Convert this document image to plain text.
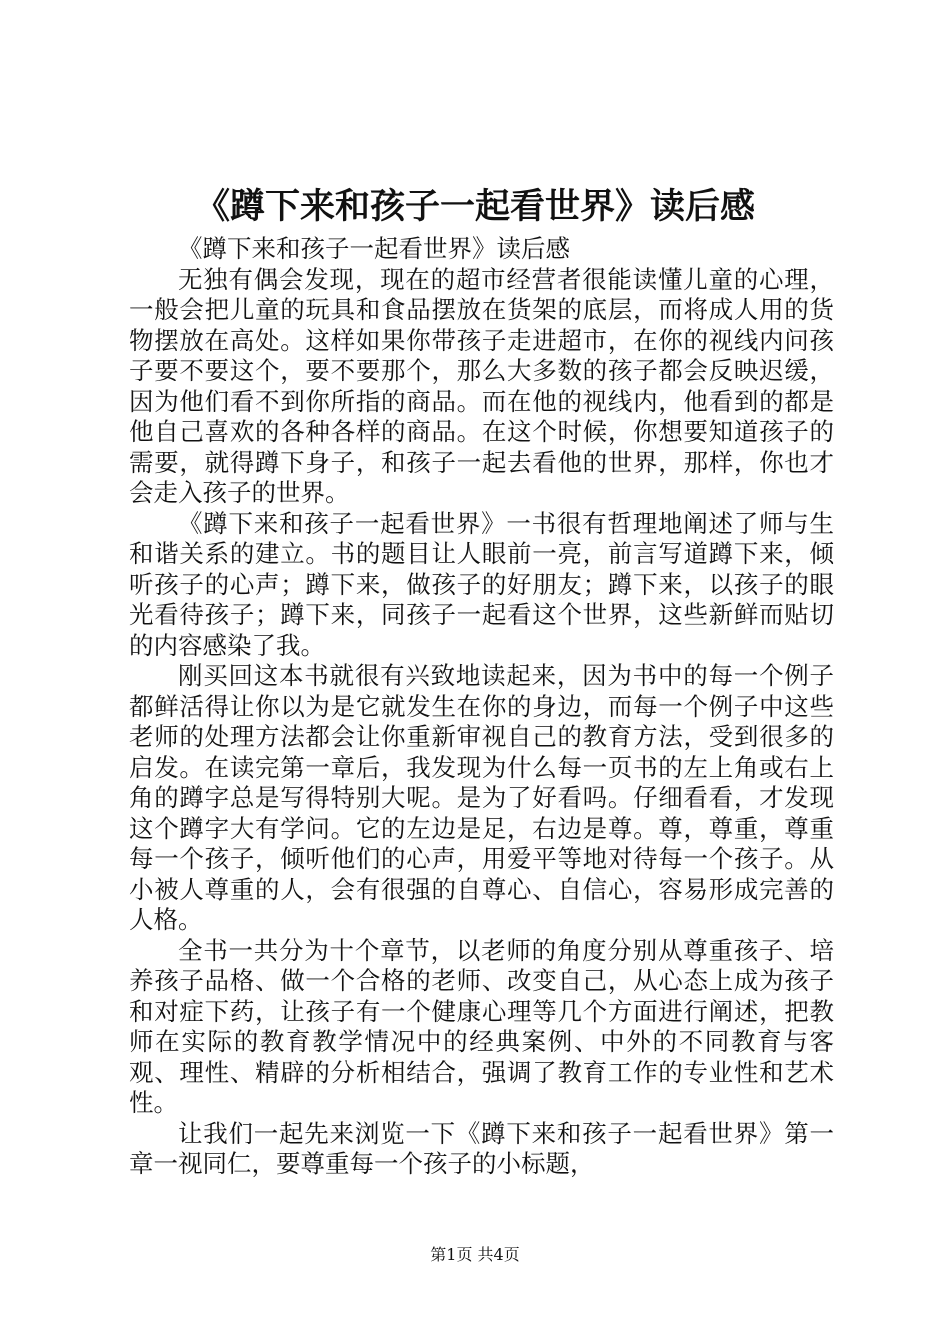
《蹲下来和孩子一起看世界》读后感

《蹲下来和孩子一起看世界》读后感

无独有偶会发现，现在的超市经营者很能读懂儿童的心理，一般会把儿童的玩具和食品摆放在货架的底层，而将成人用的货物摆放在高处。这样如果你带孩子走进超市，在你的视线内问孩子要不要这个，要不要那个，那么大多数的孩子都会反映迟缓，因为他们看不到你所指的商品。而在他的视线内，他看到的都是他自己喜欢的各种各样的商品。在这个时候，你想要知道孩子的需要，就得蹲下身子，和孩子一起去看他的世界，那样，你也才会走入孩子的世界。

《蹲下来和孩子一起看世界》一书很有哲理地阐述了师与生和谐关系的建立。书的题目让人眼前一亮，前言写道蹲下来，倾听孩子的心声；蹲下来，做孩子的好朋友；蹲下来，以孩子的眼光看待孩子；蹲下来，同孩子一起看这个世界，这些新鲜而贴切的内容感染了我。

刚买回这本书就很有兴致地读起来，因为书中的每一个例子都鲜活得让你以为是它就发生在你的身边，而每一个例子中这些老师的处理方法都会让你重新审视自己的教育方法，受到很多的启发。在读完第一章后，我发现为什么每一页书的左上角或右上角的蹲字总是写得特别大呢。是为了好看吗。仔细看看，才发现这个蹲字大有学问。它的左边是足，右边是尊。尊，尊重，尊重每一个孩子，倾听他们的心声，用爱平等地对待每一个孩子。从小被人尊重的人，会有很强的自尊心、自信心，容易形成完善的人格。

全书一共分为十个章节，以老师的角度分别从尊重孩子、培养孩子品格、做一个合格的老师、改变自己，从心态上成为孩子和对症下药，让孩子有一个健康心理等几个方面进行阐述，把教师在实际的教育教学情况中的经典案例、中外的不同教育与客观、理性、精辟的分析相结合，强调了教育工作的专业性和艺术性。

让我们一起先来浏览一下《蹲下来和孩子一起看世界》第一章一视同仁，要尊重每一个孩子的小标题，

第1页 共4页
